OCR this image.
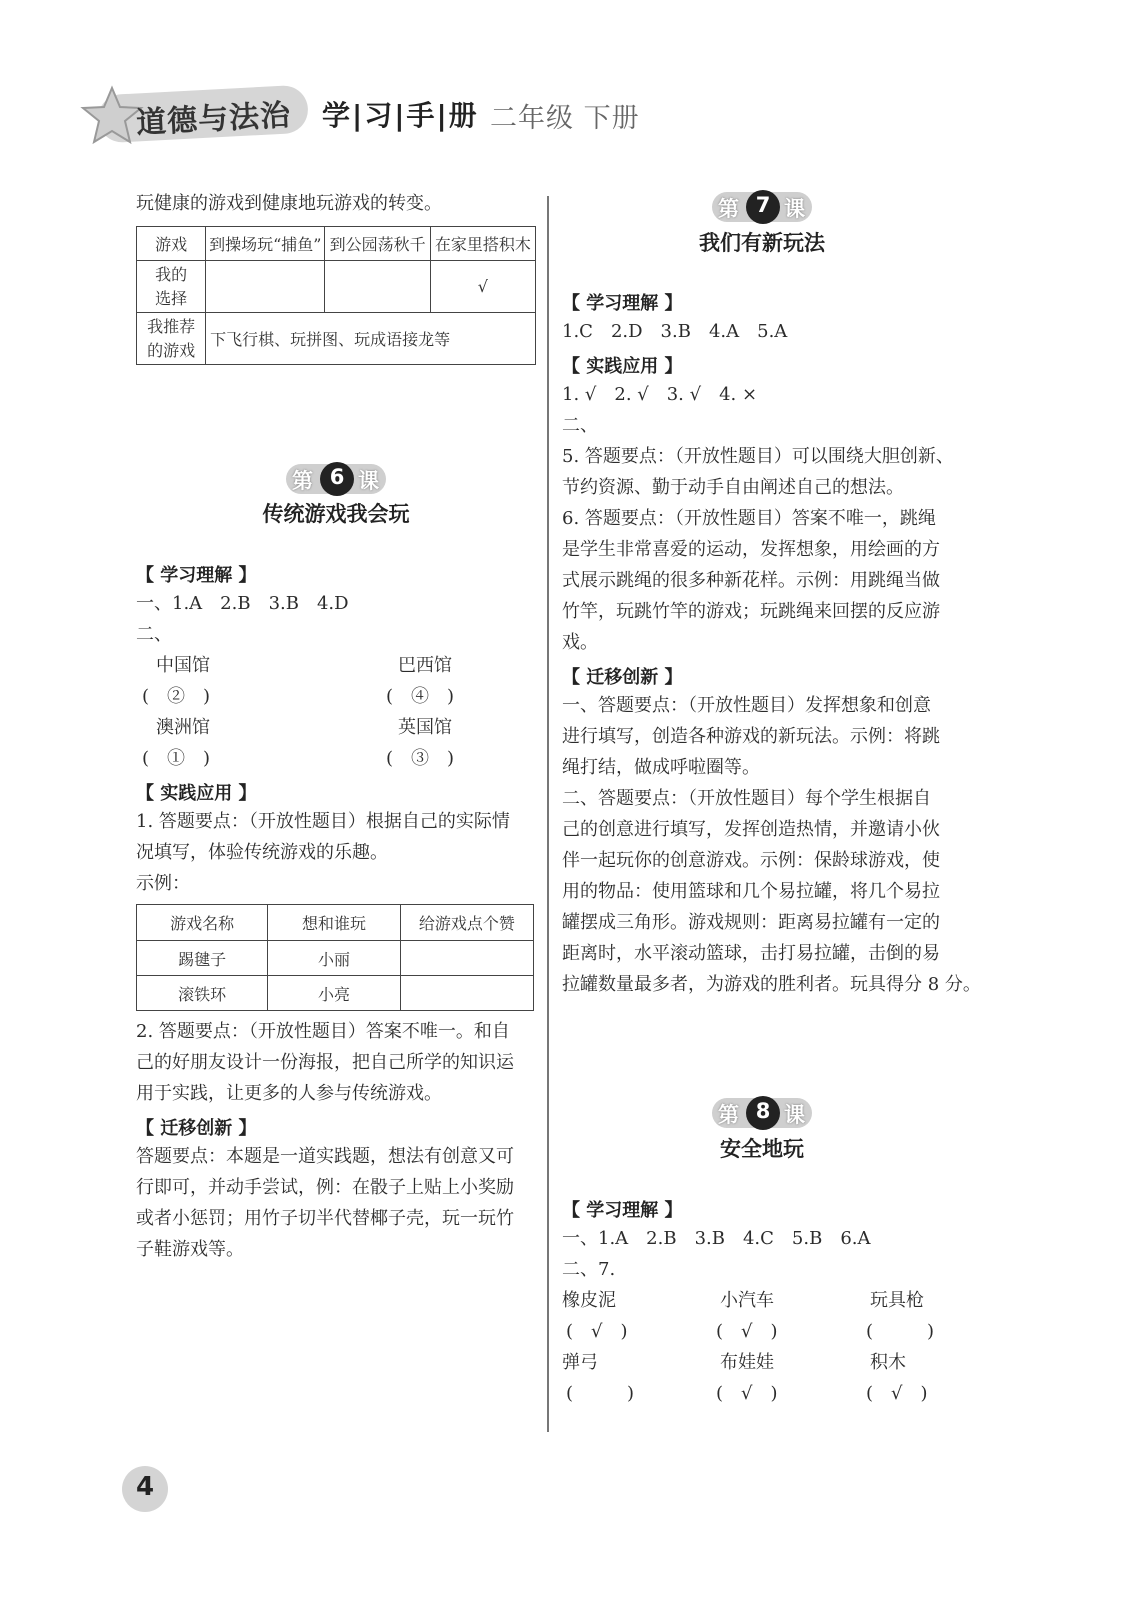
道德与法治 学|习|手|册 二年级 下册
玩健康的游戏到健康地玩游戏的转变。
游戏	到操场玩“捕鱼”	到公园荡秋千	在家里搭积木
我的选择			√
我推荐的游戏	下飞行棋、玩拼图、玩成语接龙等		
第 6 课
传统游戏我会玩
【 学习理解 】
一、1.A　2.B　3.B　4.D
二、
中国馆	巴西馆
(　②　)	(　④　)
澳洲馆	英国馆
(　①　)	(　③　)
【 实践应用 】
1. 答题要点：（开放性题目）根据自己的实际情
况填写，体验传统游戏的乐趣。
示例：
游戏名称	想和谁玩	给游戏点个赞
踢毽子	小丽	
滚铁环	小亮	
2. 答题要点：（开放性题目）答案不唯一。和自
己的好朋友设计一份海报，把自己所学的知识运
用于实践，让更多的人参与传统游戏。
【 迁移创新 】
答题要点：本题是一道实践题，想法有创意又可
行即可，并动手尝试，例：在骰子上贴上小奖励
或者小惩罚；用竹子切半代替椰子壳，玩一玩竹
子鞋游戏等。
第 7 课
我们有新玩法
【 学习理解 】
1.C　2.D　3.B　4.A　5.A
【 实践应用 】
1. √　2. √　3. √　4. ×
二、
5. 答题要点：（开放性题目）可以围绕大胆创新、
节约资源、勤于动手自由阐述自己的想法。
6. 答题要点：（开放性题目）答案不唯一，跳绳
是学生非常喜爱的运动，发挥想象，用绘画的方
式展示跳绳的很多种新花样。示例：用跳绳当做
竹竿，玩跳竹竿的游戏；玩跳绳来回摆的反应游
戏。
【 迁移创新 】
一、答题要点：（开放性题目）发挥想象和创意
进行填写，创造各种游戏的新玩法。示例：将跳
绳打结，做成呼啦圈等。
二、答题要点：（开放性题目）每个学生根据自
己的创意进行填写，发挥创造热情，并邀请小伙
伴一起玩你的创意游戏。示例：保龄球游戏，使
用的物品：使用篮球和几个易拉罐，将几个易拉
罐摆成三角形。游戏规则：距离易拉罐有一定的
距离时，水平滚动篮球，击打易拉罐，击倒的易
拉罐数量最多者，为游戏的胜利者。玩具得分 8 分。
第 8 课
安全地玩
【 学习理解 】
一、1.A　2.B　3.B　4.C　5.B　6.A
二、7.
橡皮泥	小汽车	玩具枪
(　√　)	(　√　)	(　　　)
弹弓	布娃娃	积木
(　　　)	(　√　)	(　√　)
4
